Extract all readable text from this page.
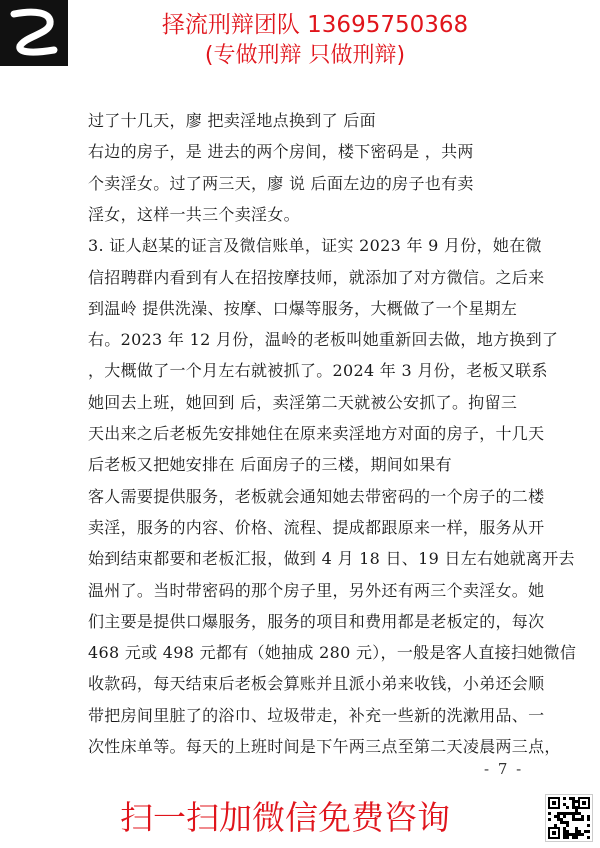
择流刑辩团队 13695750368
(专做刑辩 只做刑辩)
过了十几天，廖 把卖淫地点换到了 后面
右边的房子，是 进去的两个房间，楼下密码是 ，共两
个卖淫女。过了两三天，廖 说 后面左边的房子也有卖
淫女，这样一共三个卖淫女。
3. 证人赵某的证言及微信账单，证实 2023 年 9 月份，她在微
信招聘群内看到有人在招按摩技师，就添加了对方微信。之后来
到温岭 提供洗澡、按摩、口爆等服务，大概做了一个星期左
右。2023 年 12 月份，温岭的老板叫她重新回去做，地方换到了
，大概做了一个月左右就被抓了。2024 年 3 月份，老板又联系
她回去上班，她回到 后，卖淫第二天就被公安抓了。拘留三
天出来之后老板先安排她住在原来卖淫地方对面的房子，十几天
后老板又把她安排在 后面房子的三楼，期间如果有
客人需要提供服务，老板就会通知她去带密码的一个房子的二楼
卖淫，服务的内容、价格、流程、提成都跟原来一样，服务从开
始到结束都要和老板汇报，做到 4 月 18 日、19 日左右她就离开去
温州了。当时带密码的那个房子里，另外还有两三个卖淫女。她
们主要是提供口爆服务，服务的项目和费用都是老板定的，每次
468 元或 498 元都有（她抽成 280 元），一般是客人直接扫她微信
收款码，每天结束后老板会算账并且派小弟来收钱，小弟还会顺
带把房间里脏了的浴巾、垃圾带走，补充一些新的洗漱用品、一
次性床单等。每天的上班时间是下午两三点至第二天凌晨两三点，
- 7 -
扫一扫加微信免费咨询
